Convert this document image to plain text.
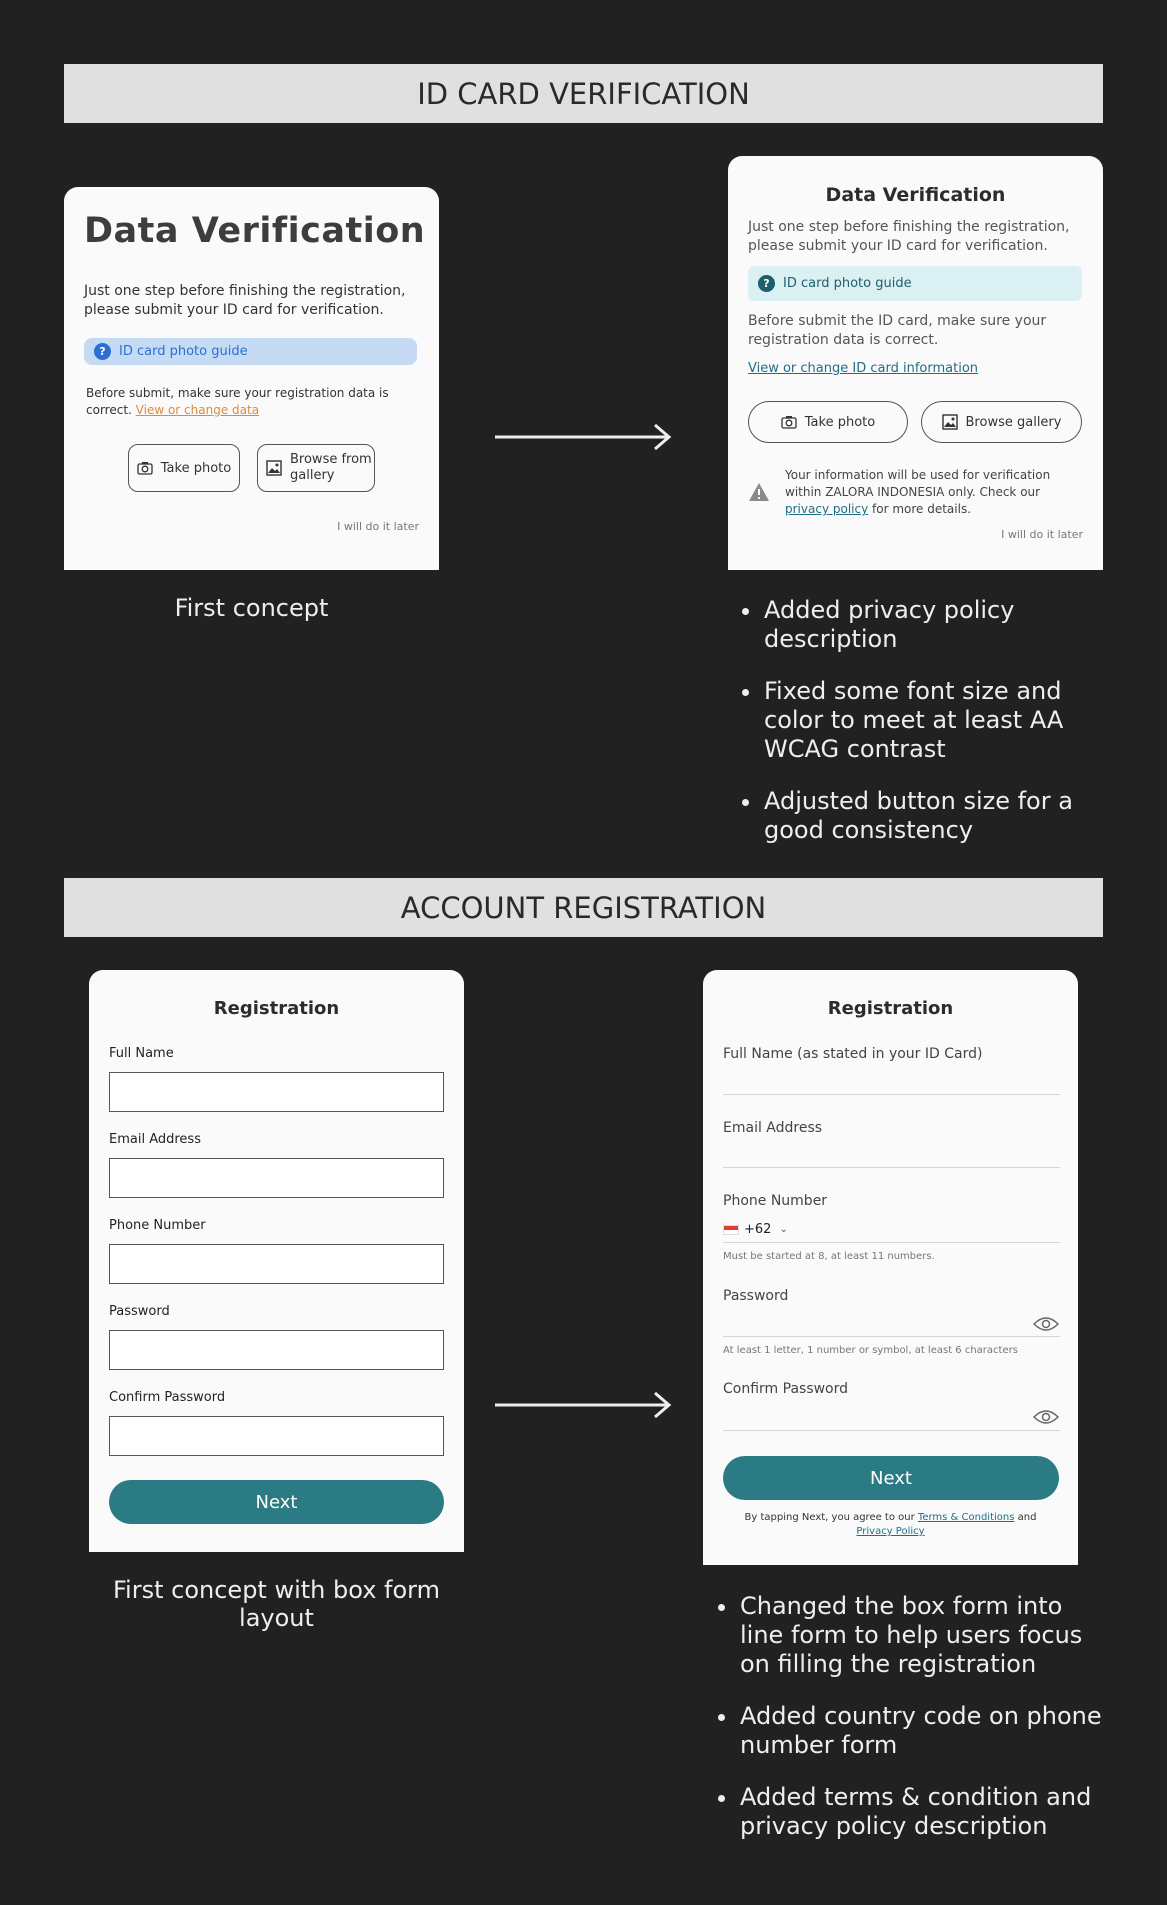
ID CARD VERIFICATION
Data Verification
Just one step before finishing the registration,
please submit your ID card for verification.
?	ID card photo guide
Before submit, make sure your registration data is
correct. View or change data
Take photo
Browse from
gallery
I will do it later
Data Verification
Just one step before finishing the registration,
please submit your ID card for verification.
?	ID card photo guide
Before submit the ID card, make sure your
registration data is correct.
View or change ID card information
Take photo	Browse gallery
Your information will be used for verification
within ZALORA INDONESIA only. Check our
privacy policy for more details.
I will do it later
First concept	Added privacy policy description
Fixed some font size and color to meet at least AA WCAG contrast
Adjusted button size for a good consistency
ACCOUNT REGISTRATION
Registration
Full Name
Email Address
Phone Number
Password
Confirm Password
Next
Registration
Full Name (as stated in your ID Card)
Email Address
Phone Number
+62 ⌄
Must be started at 8, at least 11 numbers.
Password
At least 1 letter, 1 number or symbol, at least 6 characters
Confirm Password
Next
By tapping Next, you agree to our Terms & Conditions and
Privacy Policy
First concept with box form layout	Changed the box form into line form to help users focus on filling the registration
Added country code on phone number form
Added terms & condition and privacy policy description
